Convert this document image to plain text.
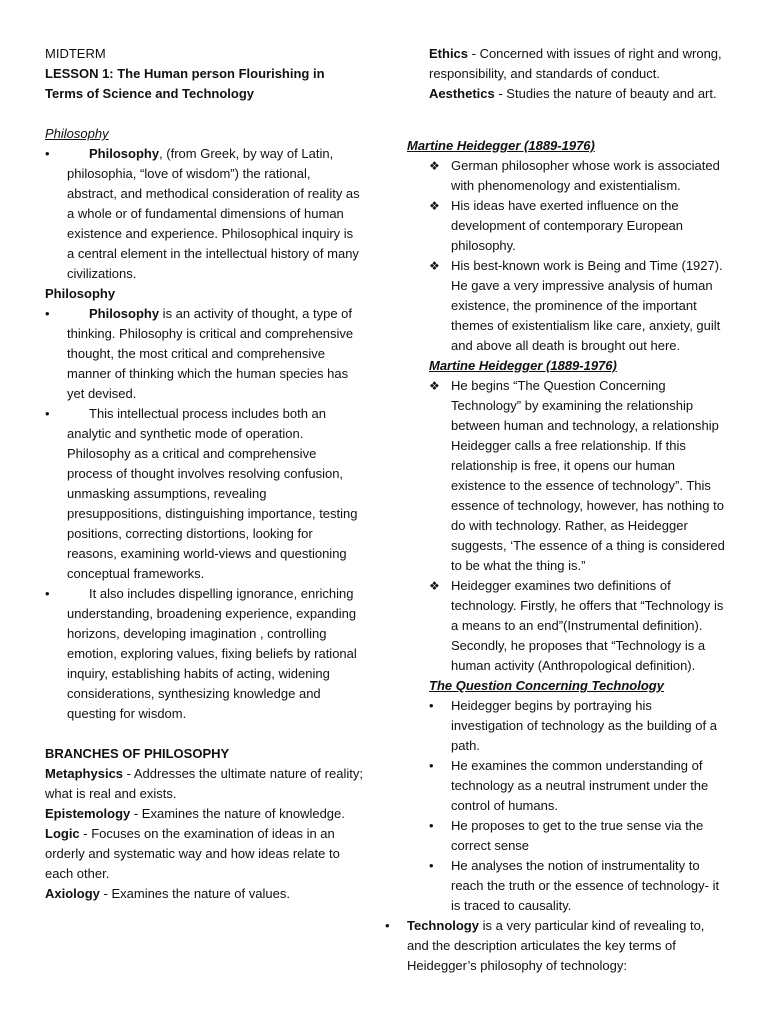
MIDTERM

LESSON 1: The Human person Flourishing in Terms of Science and Technology

Philosophy

•	Philosophy, (from Greek, by way of Latin, philosophia, “love of wisdom”) the rational, abstract, and methodical consideration of reality as a whole or of fundamental dimensions of human existence and experience. Philosophical inquiry is a central element in the intellectual history of many civilizations.

Philosophy

•	Philosophy is an activity of thought, a type of thinking. Philosophy is critical and comprehensive thought, the most critical and comprehensive manner of thinking which the human species has yet devised.
•	This intellectual process includes both an analytic and synthetic mode of operation. Philosophy as a critical and comprehensive process of thought involves resolving confusion, unmasking assumptions, revealing presuppositions, distinguishing importance, testing positions, correcting distortions, looking for reasons, examining world-views and questioning conceptual frameworks.
•	It also includes dispelling ignorance, enriching understanding, broadening experience, expanding horizons, developing imagination , controlling emotion, exploring values, fixing beliefs by rational inquiry, establishing habits of acting, widening considerations, synthesizing knowledge and questing for wisdom.

BRANCHES OF PHILOSOPHY

Metaphysics - Addresses the ultimate nature of reality; what is real and exists.

Epistemology - Examines the nature of knowledge.

Logic - Focuses on the examination of ideas in an orderly and systematic way and how ideas relate to each other.

Axiology - Examines the nature of values.

Ethics - Concerned with issues of right and wrong, responsibility, and standards of conduct.

Aesthetics - Studies the nature of beauty and art.

Martine Heidegger (1889-1976)

❖ German philosopher whose work is associated with phenomenology and existentialism.
❖ His ideas have exerted influence on the development of contemporary European philosophy.
❖ His best-known work is Being and Time (1927). He gave a very impressive analysis of human existence, the prominence of the important themes of existentialism like care, anxiety, guilt and above all death is brought out here.

Martine Heidegger (1889-1976)

❖ He begins “The Question Concerning Technology” by examining the relationship between human and technology, a relationship Heidegger calls a free relationship. If this relationship is free, it opens our human existence to the essence of technology”. This essence of technology, however, has nothing to do with technology. Rather, as Heidegger suggests, ‘The essence of a thing is considered to be what the thing is.”
❖ Heidegger examines two definitions of technology. Firstly, he offers that “Technology is a means to an end”(Instrumental definition). Secondly, he proposes that “Technology is a human activity (Anthropological definition).

The Question Concerning Technology

•	Heidegger begins by portraying his investigation of technology as the building of a path.
•	He examines the common understanding of technology as a neutral instrument under the control of humans.
•	He proposes to get to the true sense via the correct sense
•	He analyses the notion of instrumentality to reach the truth or the essence of technology- it is traced to causality.
•	Technology is a very particular kind of revealing to, and the description articulates the key terms of Heidegger’s philosophy of technology:
